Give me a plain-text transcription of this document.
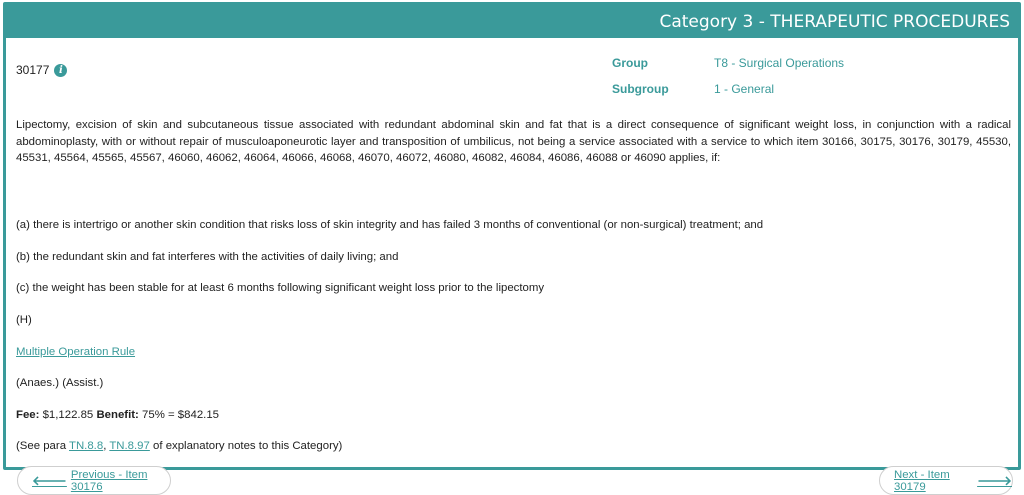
Category 3 - THERAPEUTIC PROCEDURES
30177 i	Group	T8 - Surgical Operations
Subgroup	1 - General

Lipectomy, excision of skin and subcutaneous tissue associated with redundant abdominal skin and fat that is a direct consequence of significant weight loss, in conjunction with a radical abdominoplasty, with or without repair of musculoaponeurotic layer and transposition of umbilicus, not being a service associated with a service to which item 30166, 30175, 30176, 30179, 45530, 45531, 45564, 45565, 45567, 46060, 46062, 46064, 46066, 46068, 46070, 46072, 46080, 46082, 46084, 46086, 46088 or 46090 applies, if:

(a) there is intertrigo or another skin condition that risks loss of skin integrity and has failed 3 months of conventional (or non-surgical) treatment; and

(b) the redundant skin and fat interferes with the activities of daily living; and

(c) the weight has been stable for at least 6 months following significant weight loss prior to the lipectomy

(H)

Multiple Operation Rule

(Anaes.) (Assist.)

Fee: $1,122.85 Benefit: 75% = $842.15

(See para TN.8.8, TN.8.97 of explanatory notes to this Category)

🡐 Previous - Item 30176
Next - Item 30179	🡒
